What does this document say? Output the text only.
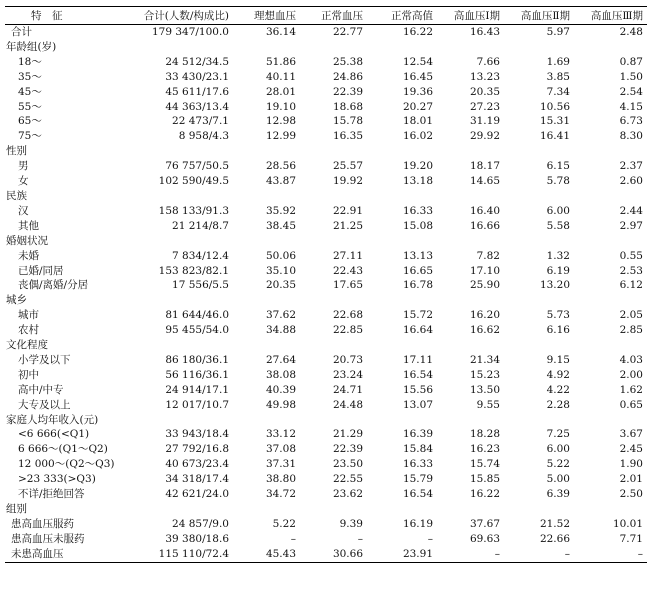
特　征	合计(人数/构成比)	理想血压	正常血压	正常高值	高血压Ⅰ期	高血压Ⅱ期	高血压Ⅲ期
合计	179 347/100.0	36.14	22.77	16.22	16.43	5.97	2.48
年龄组(岁)							
18～	24 512/34.5	51.86	25.38	12.54	7.66	1.69	0.87
35～	33 430/23.1	40.11	24.86	16.45	13.23	3.85	1.50
45～	45 611/17.6	28.01	22.39	19.36	20.35	7.34	2.54
55～	44 363/13.4	19.10	18.68	20.27	27.23	10.56	4.15
65～	22 473/7.1	12.98	15.78	18.01	31.19	15.31	6.73
75～	8 958/4.3	12.99	16.35	16.02	29.92	16.41	8.30
性别							
男	76 757/50.5	28.56	25.57	19.20	18.17	6.15	2.37
女	102 590/49.5	43.87	19.92	13.18	14.65	5.78	2.60
民族							
汉	158 133/91.3	35.92	22.91	16.33	16.40	6.00	2.44
其他	21 214/8.7	38.45	21.25	15.08	16.66	5.58	2.97
婚姻状况							
未婚	7 834/12.4	50.06	27.11	13.13	7.82	1.32	0.55
已婚/同居	153 823/82.1	35.10	22.43	16.65	17.10	6.19	2.53
丧偶/离婚/分居	17 556/5.5	20.35	17.65	16.78	25.90	13.20	6.12
城乡							
城市	81 644/46.0	37.62	22.68	15.72	16.20	5.73	2.05
农村	95 455/54.0	34.88	22.85	16.64	16.62	6.16	2.85
文化程度							
小学及以下	86 180/36.1	27.64	20.73	17.11	21.34	9.15	4.03
初中	56 116/36.1	38.08	23.24	16.54	15.23	4.92	2.00
高中/中专	24 914/17.1	40.39	24.71	15.56	13.50	4.22	1.62
大专及以上	12 017/10.7	49.98	24.48	13.07	9.55	2.28	0.65
家庭人均年收入(元)							
<6 666(<Q1)	33 943/18.4	33.12	21.29	16.39	18.28	7.25	3.67
6 666～(Q1～Q2)	27 792/16.8	37.08	22.39	15.84	16.23	6.00	2.45
12 000～(Q2～Q3)	40 673/23.4	37.31	23.50	16.33	15.74	5.22	1.90
>23 333(>Q3)	34 318/17.4	38.80	22.55	15.79	15.85	5.00	2.01
不详/拒绝回答	42 621/24.0	34.72	23.62	16.54	16.22	6.39	2.50
组别							
患高血压服药	24 857/9.0	5.22	9.39	16.19	37.67	21.52	10.01
患高血压未服药	39 380/18.6	–	–	–	69.63	22.66	7.71
未患高血压	115 110/72.4	45.43	30.66	23.91	–	–	–
